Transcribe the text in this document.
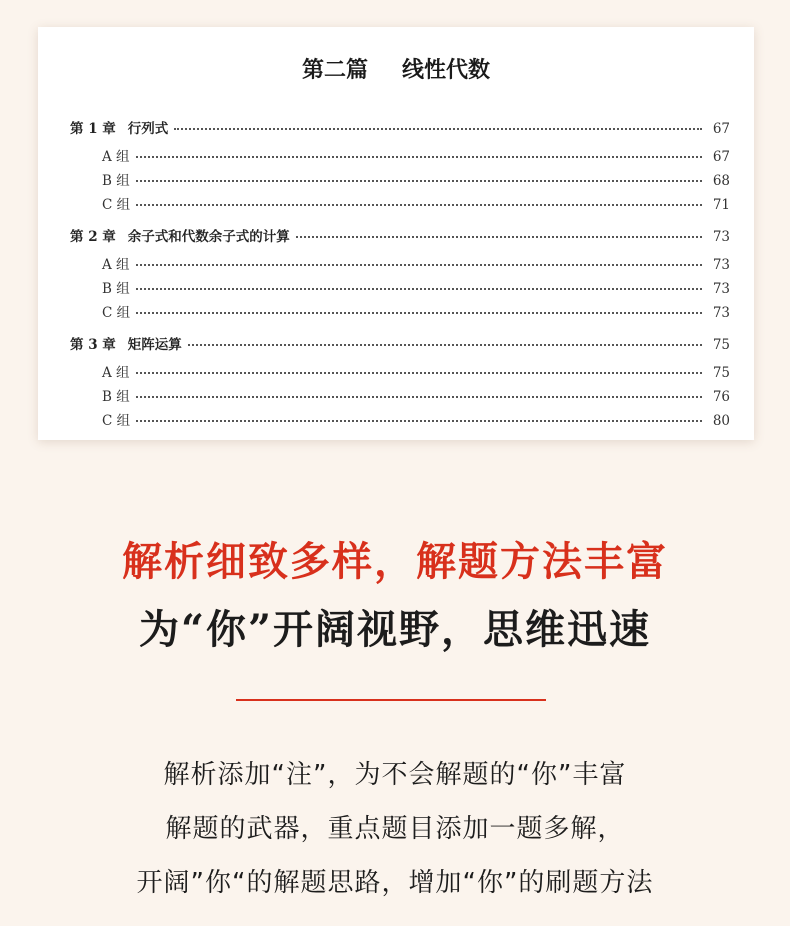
第二篇 线性代数
第 1 章 行列式	67
A 组	67
B 组	68
C 组	71
第 2 章 余子式和代数余子式的计算	73
A 组	73
B 组	73
C 组	73
第 3 章 矩阵运算	75
A 组	75
B 组	76
C 组	80
解析细致多样，解题方法丰富
为“你”开阔视野，思维迅速
解析添加“注”，为不会解题的“你”丰富
解题的武器，重点题目添加一题多解，
开阔”你“的解题思路，增加“你”的刷题方法
